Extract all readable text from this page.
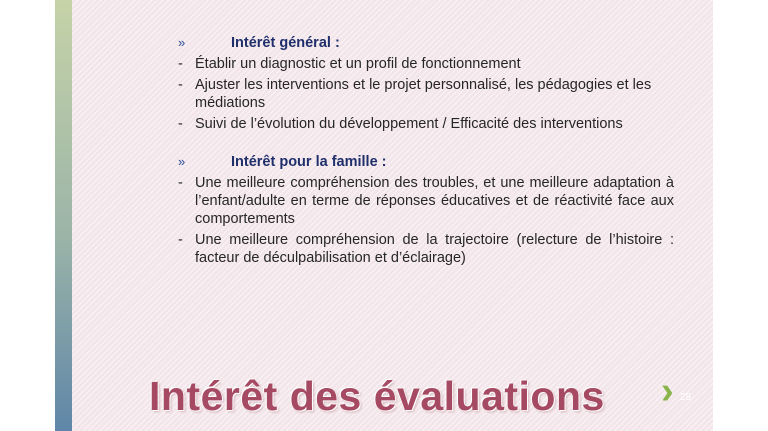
»	Intérêt général :
- Établir un diagnostic et un profil de fonctionnement
- Ajuster les interventions et le projet personnalisé, les pédagogies et les médiations
- Suivi de l’évolution du développement / Efficacité des interventions
»	Intérêt pour la famille :
- Une meilleure compréhension des troubles, et une meilleure adaptation à l’enfant/adulte en terme de réponses éducatives et de réactivité face aux comportements
- Une meilleure compréhension de la trajectoire (relecture de l’histoire : facteur de déculpabilisation et d’éclairage)
Intérêt des évaluations › 28
